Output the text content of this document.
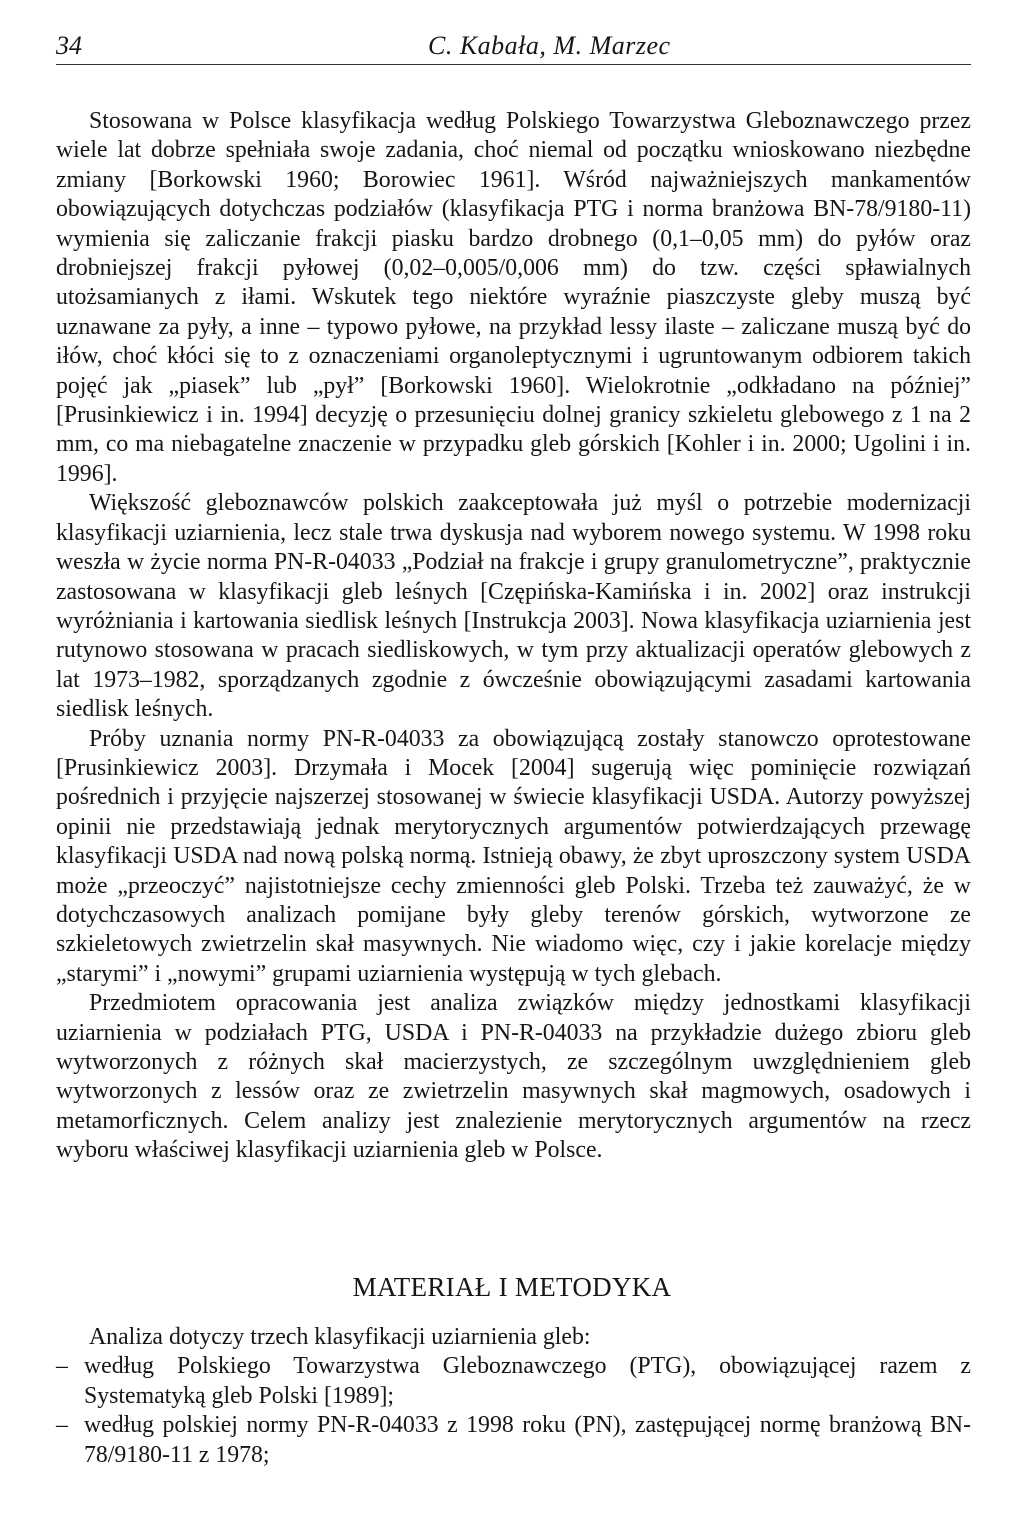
34	C. Kabała, M. Marzec

Stosowana w Polsce klasyfikacja według Polskiego Towarzystwa Gleboznawczego przez wiele lat dobrze spełniała swoje zadania, choć niemal od początku wnioskowano niezbędne zmiany [Borkowski 1960; Borowiec 1961]. Wśród najważniejszych mankamentów obowiązujących dotychczas podziałów (klasyfikacja PTG i norma branżowa BN-78/9180-11) wymienia się zaliczanie frakcji piasku bardzo drobnego (0,1–0,05 mm) do pyłów oraz drobniejszej frakcji pyłowej (0,02–0,005/0,006 mm) do tzw. części spławialnych utożsamianych z iłami. Wskutek tego niektóre wyraźnie piaszczyste gleby muszą być uznawane za pyły, a inne – typowo pyłowe, na przykład lessy ilaste – zaliczane muszą być do iłów, choć kłóci się to z oznaczeniami organoleptycznymi i ugruntowanym odbiorem takich pojęć jak „piasek” lub „pył” [Borkowski 1960]. Wielokrotnie „odkładano na później” [Prusinkiewicz i in. 1994] decyzję o przesunięciu dolnej granicy szkieletu glebowego z 1 na 2 mm, co ma niebagatelne znaczenie w przypadku gleb górskich [Kohler i in. 2000; Ugolini i in. 1996].

Większość gleboznawców polskich zaakceptowała już myśl o potrzebie modernizacji klasyfikacji uziarnienia, lecz stale trwa dyskusja nad wyborem nowego systemu. W 1998 roku weszła w życie norma PN-R-04033 „Podział na frakcje i grupy granulometryczne”, praktycznie zastosowana w klasyfikacji gleb leśnych [Czępińska-Kamińska i in. 2002] oraz instrukcji wyróżniania i kartowania siedlisk leśnych [Instrukcja 2003]. Nowa klasyfikacja uziarnienia jest rutynowo stosowana w pracach siedliskowych, w tym przy aktualizacji operatów glebowych z lat 1973–1982, sporządzanych zgodnie z ówcześnie obowiązującymi zasadami kartowania siedlisk leśnych.

Próby uznania normy PN-R-04033 za obowiązującą zostały stanowczo oprotestowane [Prusinkiewicz 2003]. Drzymała i Mocek [2004] sugerują więc pominięcie rozwiązań pośrednich i przyjęcie najszerzej stosowanej w świecie klasyfikacji USDA. Autorzy powyższej opinii nie przedstawiają jednak merytorycznych argumentów potwierdzających przewagę klasyfikacji USDA nad nową polską normą. Istnieją obawy, że zbyt uproszczony system USDA może „przeoczyć” najistotniejsze cechy zmienności gleb Polski. Trzeba też zauważyć, że w dotychczasowych analizach pomijane były gleby terenów górskich, wytworzone ze szkieletowych zwietrzelin skał masywnych. Nie wiadomo więc, czy i jakie korelacje między „starymi” i „nowymi” grupami uziarnienia występują w tych glebach.

Przedmiotem opracowania jest analiza związków między jednostkami klasyfikacji uziarnienia w podziałach PTG, USDA i PN-R-04033 na przykładzie dużego zbioru gleb wytworzonych z różnych skał macierzystych, ze szczególnym uwzględnieniem gleb wytworzonych z lessów oraz ze zwietrzelin masywnych skał magmowych, osadowych i metamorficznych. Celem analizy jest znalezienie merytorycznych argumentów na rzecz wyboru właściwej klasyfikacji uziarnienia gleb w Polsce.

MATERIAŁ I METODYKA

Analiza dotyczy trzech klasyfikacji uziarnienia gleb:

– według Polskiego Towarzystwa Gleboznawczego (PTG), obowiązującej razem z Systematyką gleb Polski [1989];
– według polskiej normy PN-R-04033 z 1998 roku (PN), zastępującej normę branżową BN-78/9180-11 z 1978;
